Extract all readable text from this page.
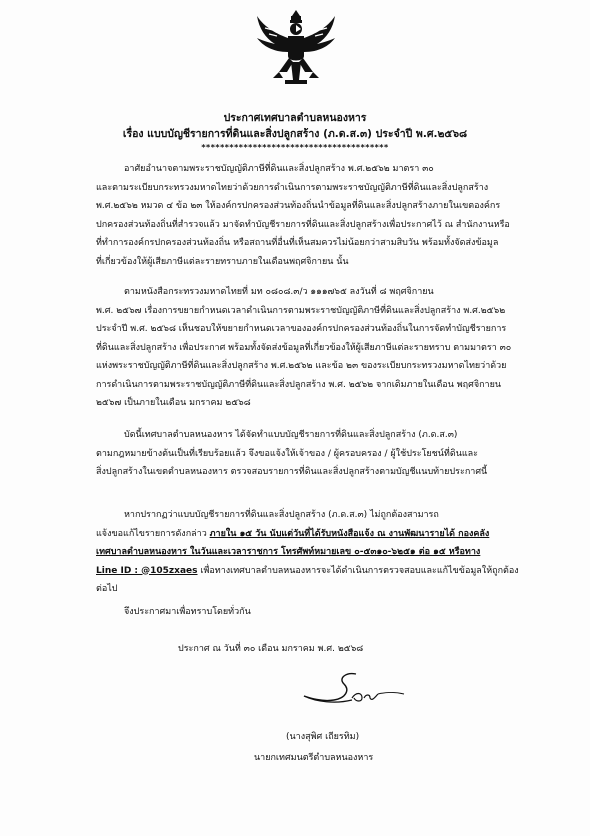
ประกาศเทศบาลตำบลหนองหาร
เรื่อง แบบบัญชีรายการที่ดินและสิ่งปลูกสร้าง (ภ.ด.ส.๓) ประจำปี พ.ศ.๒๕๖๘
****************************************
อาศัยอำนาจตามพระราชบัญญัติภาษีที่ดินและสิ่งปลูกสร้าง พ.ศ.๒๕๖๒ มาตรา ๓๐
และตามระเบียบกระทรวงมหาดไทยว่าด้วยการดำเนินการตามพระราชบัญญัติภาษีที่ดินและสิ่งปลูกสร้าง
พ.ศ.๒๕๖๒ หมวด ๔ ข้อ ๒๓ ให้องค์กรปกครองส่วนท้องถิ่นนำข้อมูลที่ดินและสิ่งปลูกสร้างภายในเขตองค์กร
ปกครองส่วนท้องถิ่นที่สำรวจแล้ว มาจัดทำบัญชีรายการที่ดินและสิ่งปลูกสร้างเพื่อประกาศไว้ ณ สำนักงานหรือ
ที่ทำการองค์กรปกครองส่วนท้องถิ่น หรือสถานที่อื่นที่เห็นสมควรไม่น้อยกว่าสามสิบวัน พร้อมทั้งจัดส่งข้อมูล
ที่เกี่ยวข้องให้ผู้เสียภาษีแต่ละรายทราบภายในเดือนพฤศจิกายน นั้น
ตามหนังสือกระทรวงมหาดไทยที่ มท ๐๘๐๘.๓/ว ๑๑๑๗๖๕ ลงวันที่ ๘ พฤศจิกายน
พ.ศ. ๒๕๖๗ เรื่องการขยายกำหนดเวลาดำเนินการตามพระราชบัญญัติภาษีที่ดินและสิ่งปลูกสร้าง พ.ศ.๒๕๖๒
ประจำปี พ.ศ. ๒๕๖๘ เห็นชอบให้ขยายกำหนดเวลาขององค์กรปกครองส่วนท้องถิ่นในการจัดทำบัญชีรายการ
ที่ดินและสิ่งปลูกสร้าง เพื่อประกาศ พร้อมทั้งจัดส่งข้อมูลที่เกี่ยวข้องให้ผู้เสียภาษีแต่ละรายทราบ ตามมาตรา ๓๐
แห่งพระราชบัญญัติภาษีที่ดินและสิ่งปลูกสร้าง พ.ศ.๒๕๖๒ และข้อ ๒๓ ของระเบียบกระทรวงมหาดไทยว่าด้วย
การดำเนินการตามพระราชบัญญัติภาษีที่ดินและสิ่งปลูกสร้าง พ.ศ. ๒๕๖๒ จากเดิมภายในเดือน พฤศจิกายน
๒๕๖๗ เป็นภายในเดือน มกราคม ๒๕๖๘
บัดนี้เทศบาลตำบลหนองหาร ได้จัดทำแบบบัญชีรายการที่ดินและสิ่งปลูกสร้าง (ภ.ด.ส.๓)
ตามกฎหมายข้างต้นเป็นที่เรียบร้อยแล้ว จึงขอแจ้งให้เจ้าของ / ผู้ครอบครอง / ผู้ใช้ประโยชน์ที่ดินและ
สิ่งปลูกสร้างในเขตตำบลหนองหาร ตรวจสอบรายการที่ดินและสิ่งปลูกสร้างตามบัญชีแนบท้ายประกาศนี้
หากปรากฏว่าแบบบัญชีรายการที่ดินและสิ่งปลูกสร้าง (ภ.ด.ส.๓) ไม่ถูกต้องสามารถ
แจ้งขอแก้ไขรายการดังกล่าว ภายใน ๑๕ วัน นับแต่วันที่ได้รับหนังสือแจ้ง ณ งานพัฒนารายได้ กองคลัง
เทศบาลตำบลหนองหาร ในวันและเวลาราชการ โทรศัพท์หมายเลข ๐-๕๓๑๐-๖๒๕๑ ต่อ ๑๕ หรือทาง
Line ID : @105zxaes เพื่อทางเทศบาลตำบลหนองหารจะได้ดำเนินการตรวจสอบและแก้ไขข้อมูลให้ถูกต้อง
ต่อไป
จึงประกาศมาเพื่อทราบโดยทั่วกัน
ประกาศ ณ วันที่ ๓๐ เดือน มกราคม พ.ศ. ๒๕๖๘
(นางสุพิศ เถียรทิม)
นายกเทศมนตรีตำบลหนองหาร
